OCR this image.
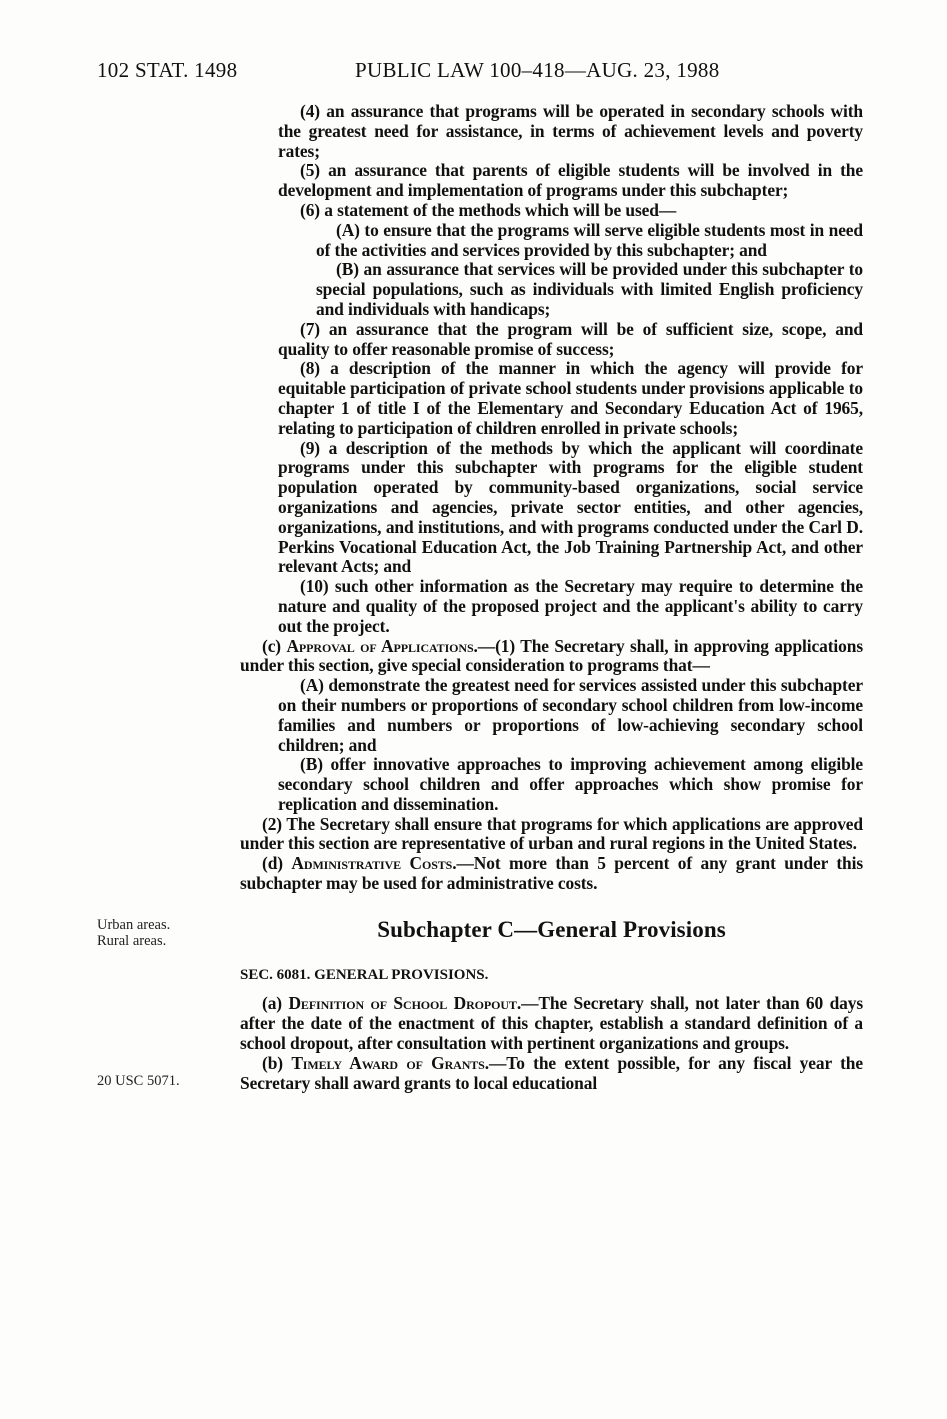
102 STAT. 1498	PUBLIC LAW 100–418—AUG. 23, 1988
Urban areas.
Rural areas.
20 USC 5071.

(4) an assurance that programs will be operated in secondary schools with the greatest need for assistance, in terms of achievement levels and poverty rates;

(5) an assurance that parents of eligible students will be involved in the development and implementation of programs under this subchapter;

(6) a statement of the methods which will be used—

(A) to ensure that the programs will serve eligible students most in need of the activities and services provided by this subchapter; and

(B) an assurance that services will be provided under this subchapter to special populations, such as individuals with limited English proficiency and individuals with handicaps;

(7) an assurance that the program will be of sufficient size, scope, and quality to offer reasonable promise of success;

(8) a description of the manner in which the agency will provide for equitable participation of private school students under provisions applicable to chapter 1 of title I of the Elementary and Secondary Education Act of 1965, relating to participation of children enrolled in private schools;

(9) a description of the methods by which the applicant will coordinate programs under this subchapter with programs for the eligible student population operated by community-based organizations, social service organizations and agencies, private sector entities, and other agencies, organizations, and institutions, and with programs conducted under the Carl D. Perkins Vocational Education Act, the Job Training Partnership Act, and other relevant Acts; and

(10) such other information as the Secretary may require to determine the nature and quality of the proposed project and the applicant's ability to carry out the project.

(c) Approval of Applications.—(1) The Secretary shall, in approving applications under this section, give special consideration to programs that—

(A) demonstrate the greatest need for services assisted under this subchapter on their numbers or proportions of secondary school children from low-income families and numbers or proportions of low-achieving secondary school children; and

(B) offer innovative approaches to improving achievement among eligible secondary school children and offer approaches which show promise for replication and dissemination.

(2) The Secretary shall ensure that programs for which applications are approved under this section are representative of urban and rural regions in the United States.

(d) Administrative Costs.—Not more than 5 percent of any grant under this subchapter may be used for administrative costs.

Subchapter C—General Provisions
SEC. 6081. GENERAL PROVISIONS.

(a) Definition of School Dropout.—The Secretary shall, not later than 60 days after the date of the enactment of this chapter, establish a standard definition of a school dropout, after consultation with pertinent organizations and groups.

(b) Timely Award of Grants.—To the extent possible, for any fiscal year the Secretary shall award grants to local educational
